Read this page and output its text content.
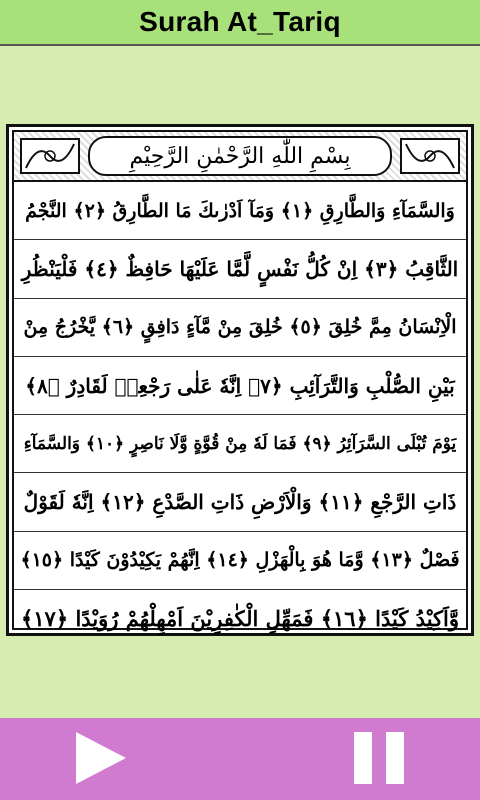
Surah At_Tariq
بِسْمِ اللّٰهِ الرَّحْمٰنِ الرَّحِيْمِ
وَالسَّمَآءِ وَالطَّارِقِ ﴿١﴾ وَمَآ اَدْرٰىكَ مَا الطَّارِقُ ﴿٢﴾ النَّجْمُ
الثَّاقِبُ ﴿٣﴾ اِنْ كُلُّ نَفْسٍ لَّمَّا عَلَيْهَا حَافِظٌ ﴿٤﴾ فَلْيَنْظُرِ
الْاِنْسَانُ مِمَّ خُلِقَ ﴿٥﴾ خُلِقَ مِنْ مَّآءٍ دَافِقٍ ﴿٦﴾ يَّخْرُجُ مِنْ
بَيْنِ الصُّلْبِ وَالتَّرَآئِبِ ﴿٧﴾ اِنَّهٗ عَلٰى رَجْعِهٖ لَقَادِرٌ ﴿٨﴾
يَوْمَ تُبْلَى السَّرَآئِرُ ﴿٩﴾ فَمَا لَهٗ مِنْ قُوَّةٍ وَّلَا نَاصِرٍ ﴿١٠﴾ وَالسَّمَآءِ
ذَاتِ الرَّجْعِ ﴿١١﴾ وَالْاَرْضِ ذَاتِ الصَّدْعِ ﴿١٢﴾ اِنَّهٗ لَقَوْلٌ
فَصْلٌ ﴿١٣﴾ وَّمَا هُوَ بِالْهَزْلِ ﴿١٤﴾ اِنَّهُمْ يَكِيْدُوْنَ كَيْدًا ﴿١٥﴾
وَّاَكِيْدُ كَيْدًا ﴿١٦﴾ فَمَهِّلِ الْكٰفِرِيْنَ اَمْهِلْهُمْ رُوَيْدًا ﴿١٧﴾
